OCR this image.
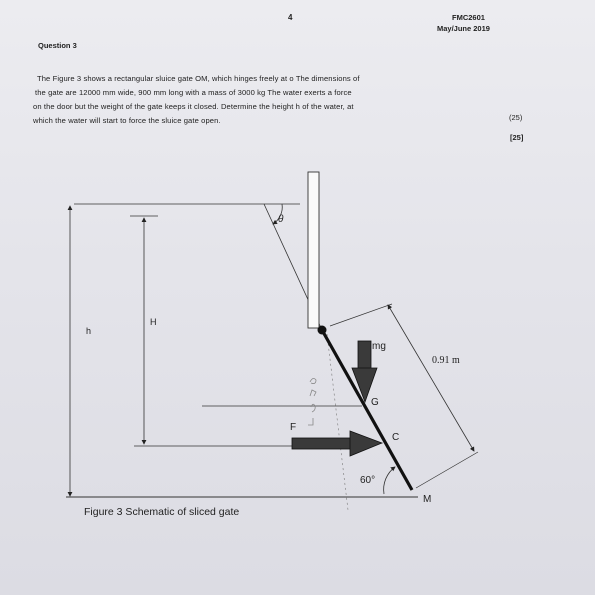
4	FMC2601
May/June 2019
Question 3
The Figure 3 shows a rectangular sluice gate OM, which hinges freely at o The dimensions of
the gate are 12000 mm wide, 900 mm long with a mass of 3000 kg The water exerts a force
on the door but the weight of the gate keeps it closed. Determine the height h of the water, at
which the water will start to force the sluice gate open.	(25)
[25]
θ
h
H
mg
0.91 m
G
F
C
60°
M
Figure 3 Schematic of sliced gate
